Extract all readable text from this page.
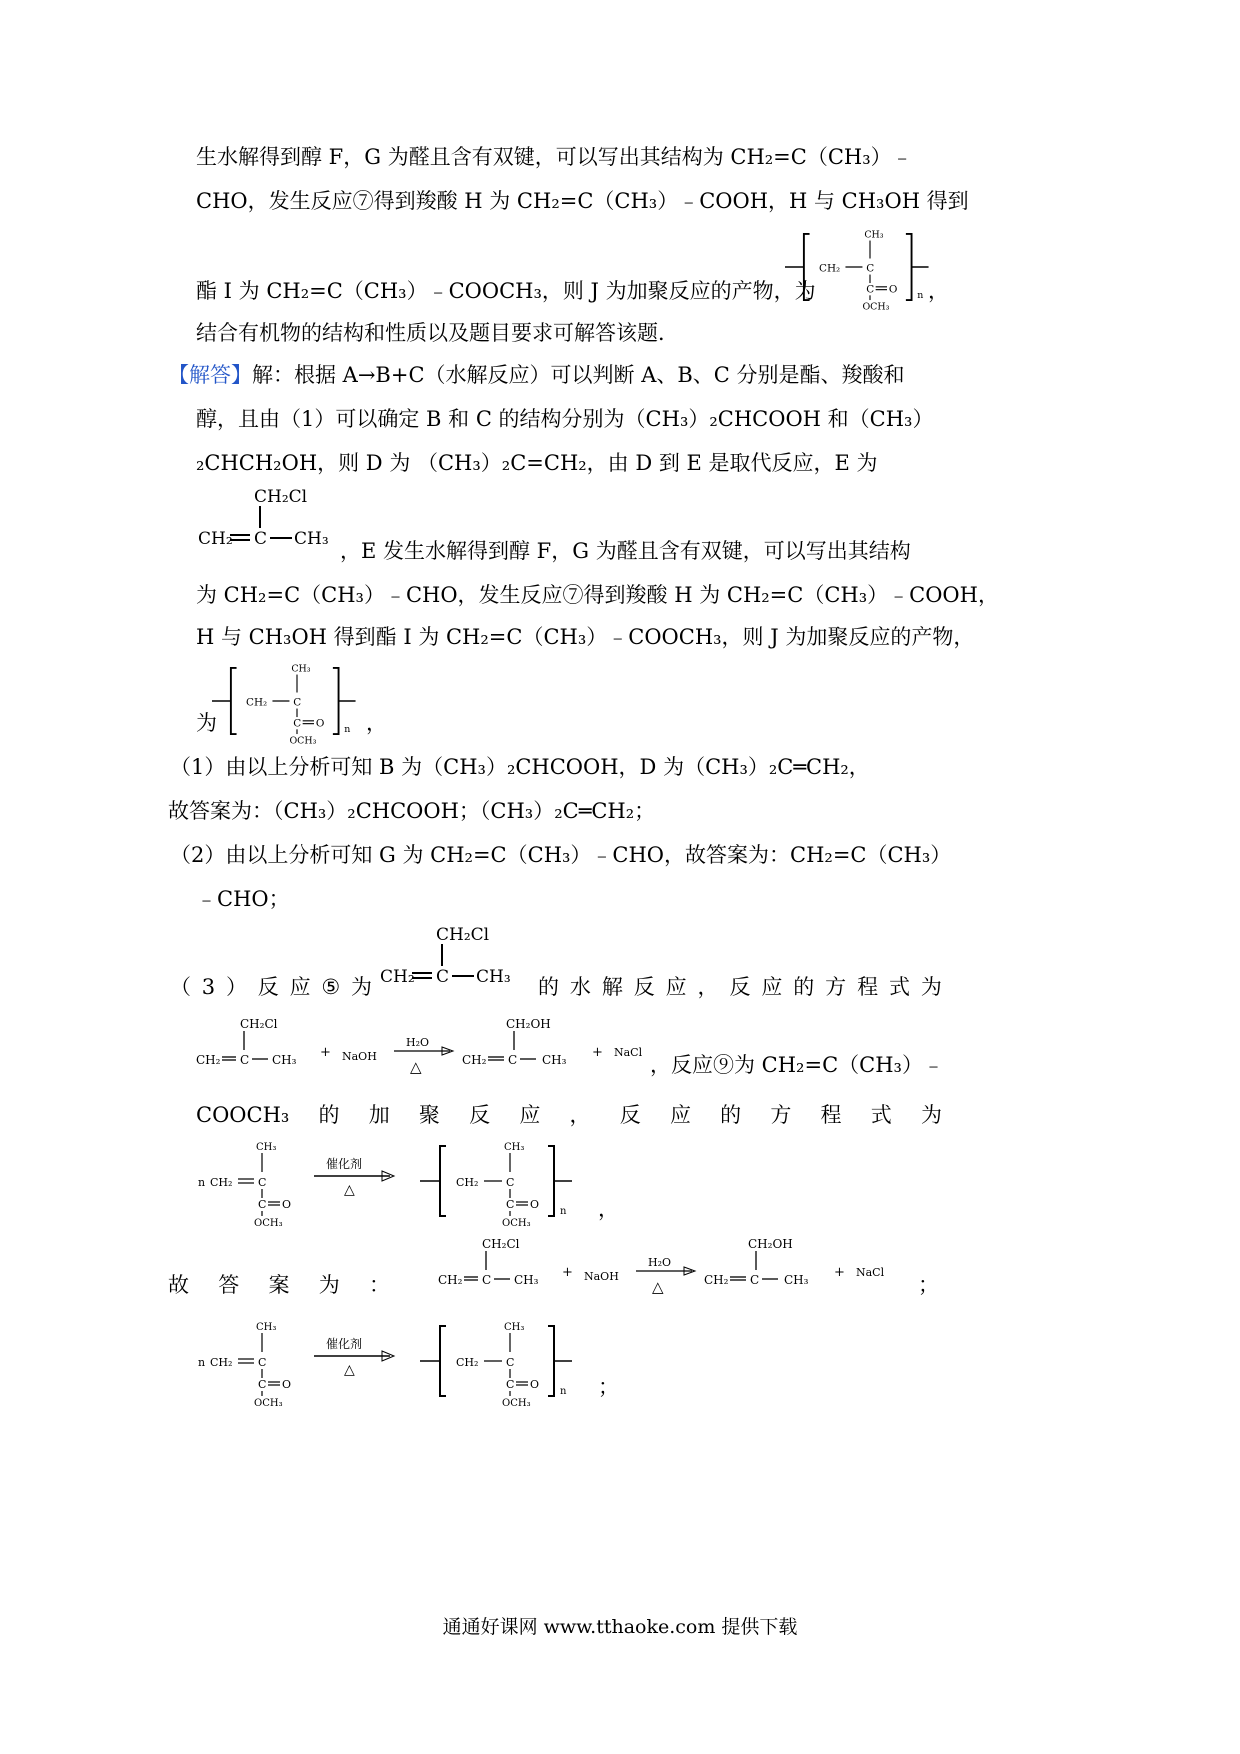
生水解得到醇 F，G 为醛且含有双键，可以写出其结构为 CH₂=C（CH₃）﹣
CHO，发生反应⑦得到羧酸 H 为 CH₂=C（CH₃）﹣COOH，H 与 CH₃OH 得到
酯 I 为 CH₂=C（CH₃）﹣COOCH₃，则 J 为加聚反应的产物，为	，
结合有机物的结构和性质以及题目要求可解答该题．
【解答】解：根据 A→B+C（水解反应）可以判断 A、B、C 分别是酯、羧酸和
醇，且由（1）可以确定 B 和 C 的结构分别为（CH₃）₂CHCOOH 和（CH₃）
₂CHCH₂OH，则 D 为 （CH₃）₂C=CH₂，由 D 到 E 是取代反应，E 为
CH₂Cl
CH₂ C CH₃ ，E 发生水解得到醇 F，G 为醛且含有双键，可以写出其结构
为 CH₂=C（CH₃）﹣CHO，发生反应⑦得到羧酸 H 为 CH₂=C（CH₃）﹣COOH，
H 与 CH₃OH 得到酯 I 为 CH₂=C（CH₃）﹣COOCH₃，则 J 为加聚反应的产物，
为	，
（1）由以上分析可知 B 为（CH₃）₂CHCOOH，D 为（CH₃）₂C═CH₂，
故答案为：（CH₃）₂CHCOOH；（CH₃）₂C═CH₂；
（2）由以上分析可知 G 为 CH₂=C（CH₃）﹣CHO，故答案为：CH₂=C（CH₃）
﹣CHO；
（ 3 ） 反 应 ⑤ 为
CH₂Cl
CH₂ C CH₃ 的 水 解 反 应 ， 反 应 的 方 程 式 为
CH₂Cl
CH₂ C CH₃ + NaOH
H₂O
△
CH₂OH
CH₂ C CH₃ + NaCl
，反应⑨为 CH₂=C（CH₃）﹣
COOCH₃ 的 加 聚 反 应 ， 反 应 的 方 程 式 为
，
故 答 案 为 ：
CH₂Cl
CH₂ C CH₃ + NaOH
H₂O
△
CH₂OH
CH₂ C CH₃ + NaCl
；
；
通通好课网 www.tthaoke.com 提供下载
